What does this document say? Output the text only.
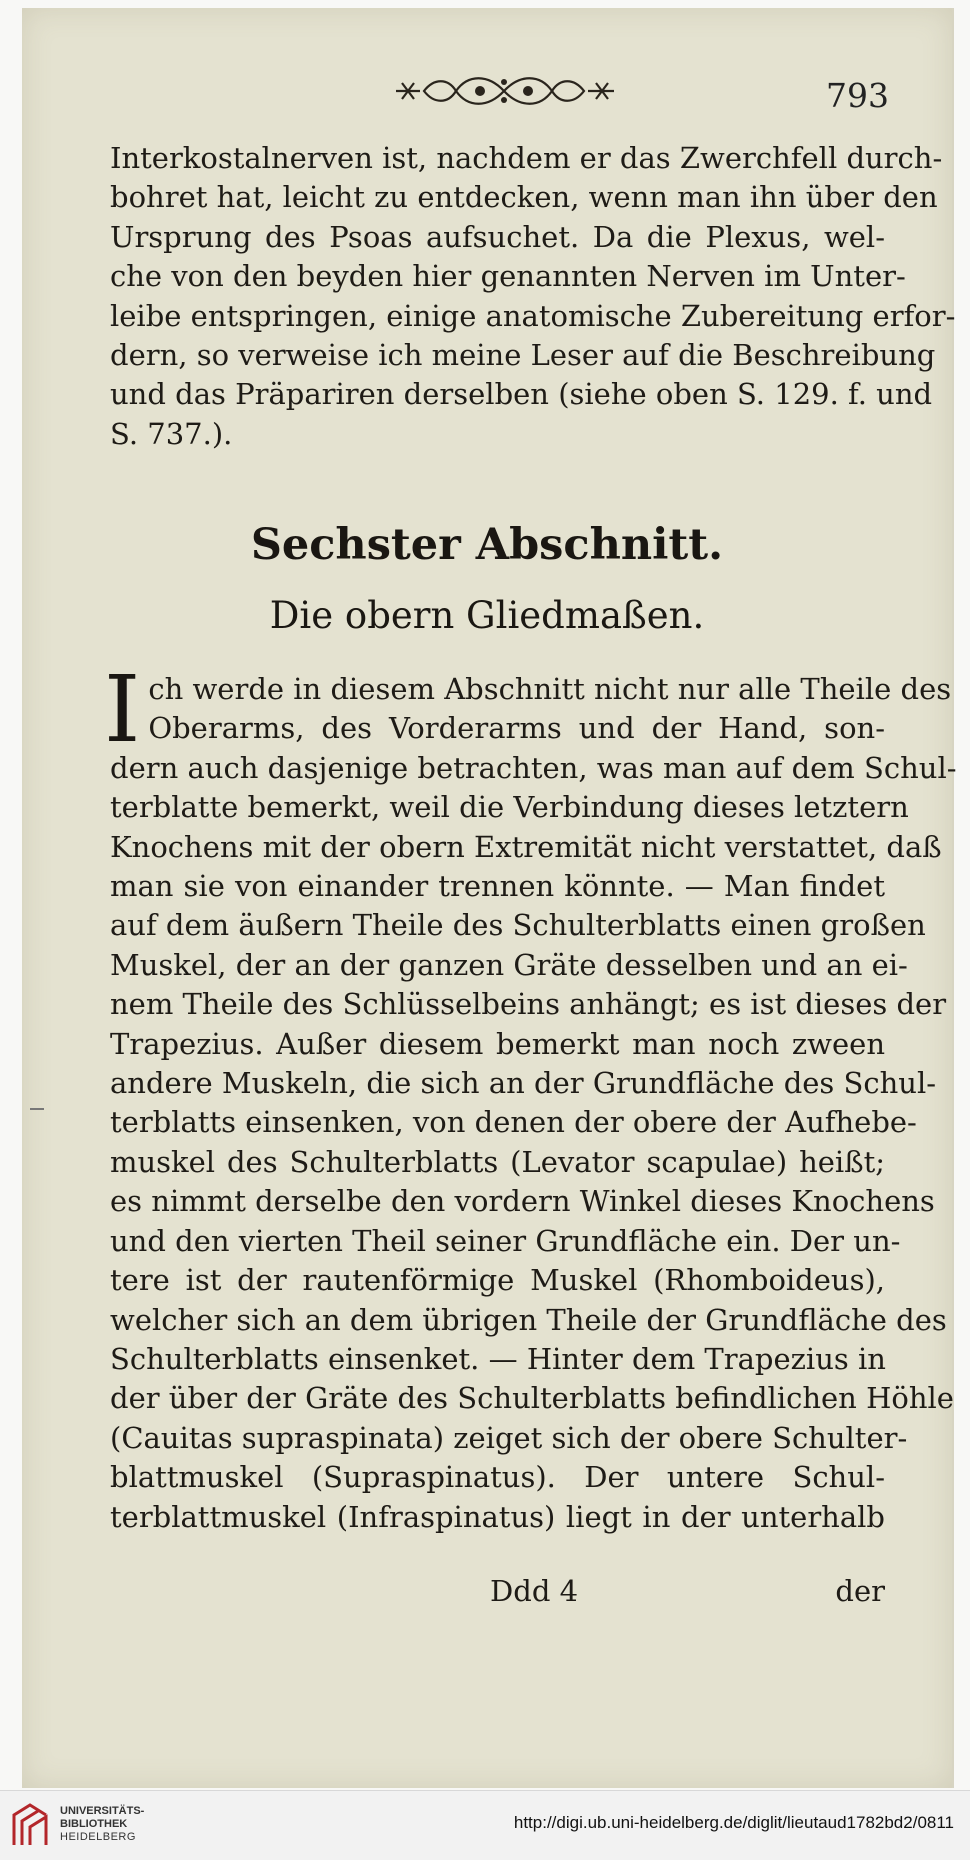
793
Interkostalnerven ist, nachdem er das Zwerchfell durch-
bohret hat, leicht zu entdecken, wenn man ihn über den
Ursprung des Psoas aufsuchet. Da die Plexus, wel-
che von den beyden hier genannten Nerven im Unter-
leibe entspringen, einige anatomische Zubereitung erfor-
dern, so verweise ich meine Leser auf die Beschreibung
und das Präpariren derselben (siehe oben S. 129. f. und
S. 737.).
Sechster Abschnitt.
Die obern Gliedmaßen.
I ch werde in diesem Abschnitt nicht nur alle Theile des
Oberarms, des Vorderarms und der Hand, son-
dern auch dasjenige betrachten, was man auf dem Schul-
terblatte bemerkt, weil die Verbindung dieses letztern
Knochens mit der obern Extremität nicht verstattet, daß
man sie von einander trennen könnte. — Man findet
auf dem äußern Theile des Schulterblatts einen großen
Muskel, der an der ganzen Gräte desselben und an ei-
nem Theile des Schlüsselbeins anhängt; es ist dieses der
Trapezius. Außer diesem bemerkt man noch zween
andere Muskeln, die sich an der Grundfläche des Schul-
terblatts einsenken, von denen der obere der Aufhebe-
muskel des Schulterblatts (Levator scapulae) heißt;
es nimmt derselbe den vordern Winkel dieses Knochens
und den vierten Theil seiner Grundfläche ein. Der un-
tere ist der rautenförmige Muskel (Rhomboideus),
welcher sich an dem übrigen Theile der Grundfläche des
Schulterblatts einsenket. — Hinter dem Trapezius in
der über der Gräte des Schulterblatts befindlichen Höhle
(Cauitas supraspinata) zeiget sich der obere Schulter-
blattmuskel (Supraspinatus). Der untere Schul-
terblattmuskel (Infraspinatus) liegt in der unterhalb
Ddd 4	der
UNIVERSITÄTS-
BIBLIOTHEK
HEIDELBERG
http://digi.ub.uni-heidelberg.de/diglit/lieutaud1782bd2/0811
